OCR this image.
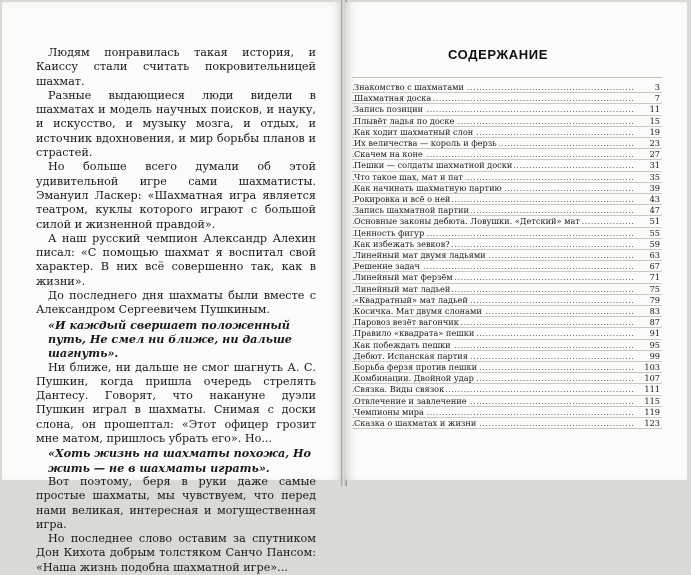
Людям понравилась такая история, и Каиссу стали считать покровительницей шахмат.

Разные выдающиеся люди видели в шахматах и модель научных поисков, и науку, и искусство, и музыку мозга, и отдых, и источник вдохновения, и мир борьбы планов и страстей.

Но больше всего думали об этой удивительной игре сами шахматисты. Эмануил Ласкер: «Шахматная игра является театром, куклы которого играют с большой силой и жизненной правдой».

А наш русский чемпион Александр Алехин писал: «С помощью шахмат я воспитал свой характер. В них всё совершенно так, как в жизни».

До последнего дня шахматы были вместе с Александром Сергеевичем Пушкиным.

«И каждый свершает положенный путь, Не смел ни ближе, ни дальше шагнуть».

Ни ближе, ни дальше не смог шагнуть А. С. Пушкин, когда пришла очередь стрелять Дантесу. Говорят, что накануне дуэли Пушкин играл в шахматы. Снимая с доски слона, он прошептал: «Этот офицер грозит мне матом, пришлось убрать его». Но...

«Хоть жизнь на шахматы похожа, Но жить — не в шахматы играть».

Вот поэтому, беря в руки даже самые простые шахматы, мы чувствуем, что перед нами великая, интересная и могущественная игра.

Но последнее слово оставим за спутником Дон Кихота добрым толстяком Санчо Пансом: «Наша жизнь подобна шахматной игре»...

СОДЕРЖАНИЕ
Знакомство с шахматами .....	3
Шахматная доска .....	7
Запись позиции .....	11
Плывёт ладья по доске .....	15
Как ходит шахматный слон .....	19
Их величества — король и ферзь .....	23
Скачем на коне .....	27
Пешки — солдаты шахматной доски .....	31
Что такое шах, мат и пат .....	35
Как начинать шахматную партию .....	39
Рокировка и всё о ней .....	43
Запись шахматной партии .....	47
Основные законы дебюта. Ловушки. «Детский» мат .....	51
Ценность фигур .....	55
Как избежать зевков? .....	59
Линейный мат двумя ладьями .....	63
Решение задач .....	67
Линейный мат ферзём .....	71
Линейный мат ладьей .....	75
«Квадратный» мат ладьей .....	79
Косичка. Мат двумя слонами .....	83
Паровоз везёт вагончик .....	87
Правило «квадрата» пешки .....	91
Как побеждать пешки .....	95
Дебют. Испанская партия .....	99
Борьба ферзя против пешки .....	103
Комбинации. Двойной удар .....	107
Связка. Виды связок .....	111
Отвлечение и завлечение .....	115
Чемпионы мира .....	119
Сказка о шахматах и жизни .....	123
